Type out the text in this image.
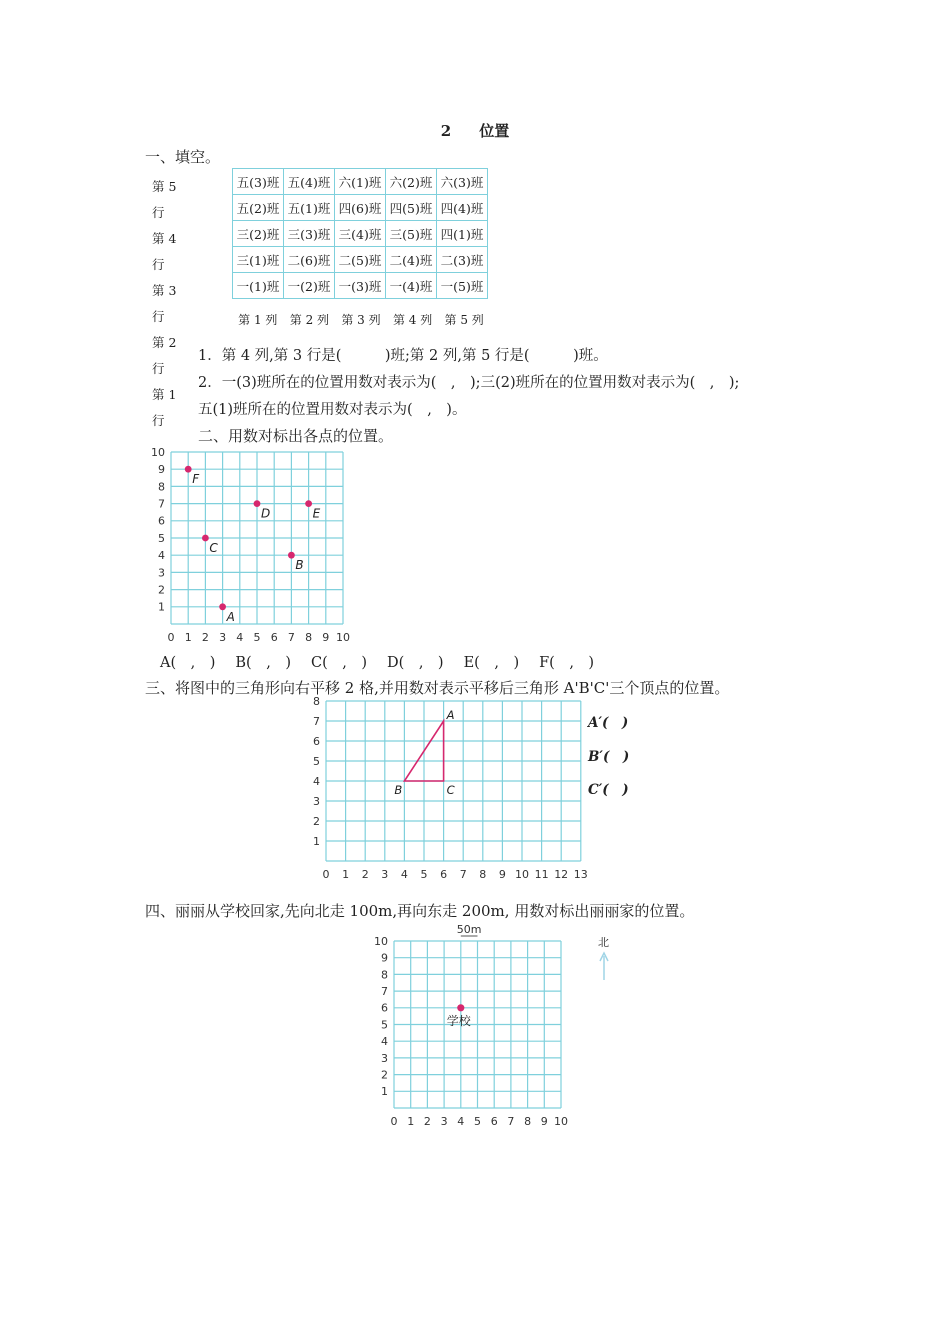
2 位置
一、填空。
第 5
行
第 4
行
第 3
行
第 2
行
第 1
行
五(3)班	五(4)班	六(1)班	六(2)班	六(3)班
五(2)班	五(1)班	四(6)班	四(5)班	四(4)班
三(2)班	三(3)班	三(4)班	三(5)班	四(1)班
三(1)班	二(6)班	二(5)班	二(4)班	二(3)班
一(1)班	一(2)班	一(3)班	一(4)班	一(5)班
第 1 列 第 2 列 第 3 列 第 4 列 第 5 列
1．第 4 列,第 3 行是(　　　)班;第 2 列,第 5 行是(　　　)班。
2．一(3)班所在的位置用数对表示为(　,　);三(2)班所在的位置用数对表示为(　,　);
五(1)班所在的位置用数对表示为(　,　)。
二、用数对标出各点的位置。
0 1 2 3 4 5 6 7 8 9 10
1
2
3
4
5
6
7
8
9
10
A
B
C
D	E
F
A(　,　) B(　,　) C(　,　) D(　,　) E(　,　) F(　,　)
三、将图中的三角形向右平移 2 格,并用数对表示平移后三角形 A'B'C'三个顶点的位置。
0 1 2 3 4 5 6 7 8 9 10 11 12 13
1
2
3
4
5
6
7
8
A
B	C
A′(　)
B′(　)
C′(　)
四、丽丽从学校回家,先向北走 100m,再向东走 200m, 用数对标出丽丽家的位置。
0 1 2 3 4 5 6 7 8 9 10
1
2
3
4
5
6
7
8
9
10
50m
学校
北
